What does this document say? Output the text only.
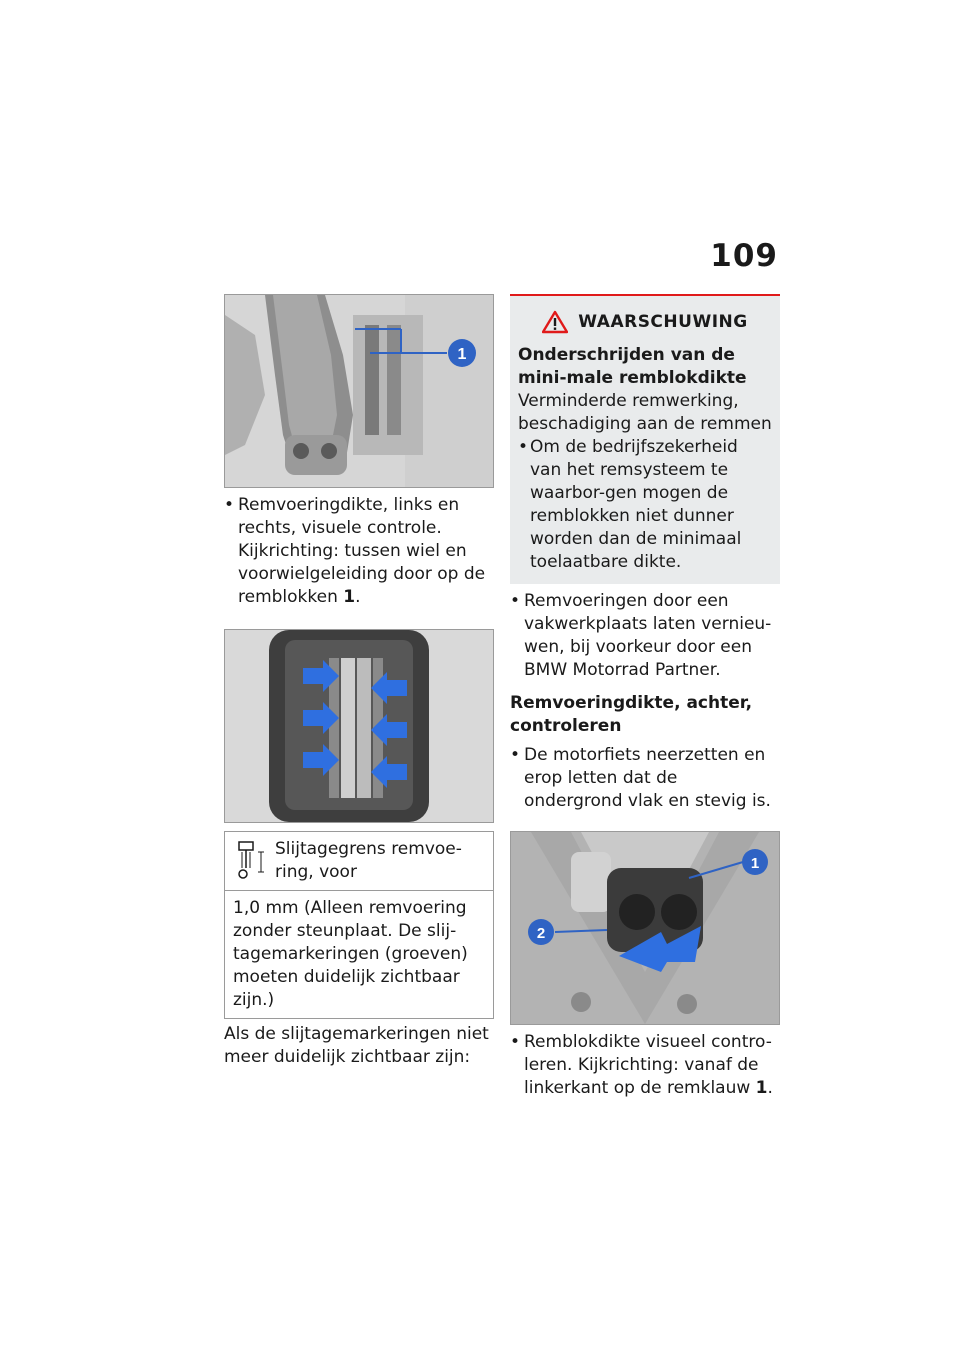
109
1
• Remvoeringdikte, links en rechts, visuele controle. Kijkrichting: tussen wiel en voorwielgeleiding door op de remblokken 1.
Slijtagegrens remvoe-ring, voor
1,0 mm (Alleen remvoering zonder steunplaat. De slij-tagemarkeringen (groeven) moeten duidelijk zichtbaar zijn.)
Als de slijtagemarkeringen niet meer duidelijk zichtbaar zijn:
WAARSCHUWING
Onderschrijden van de mini-male remblokdikte
Verminderde remwerking, beschadiging aan de remmen
• Om de bedrijfszekerheid van het remsysteem te waarbor-gen mogen de remblokken niet dunner worden dan de minimaal toelaatbare dikte.
• Remvoeringen door een vakwerkplaats laten vernieu-wen, bij voorkeur door een BMW Motorrad Partner.
Remvoeringdikte, achter, controleren
• De motorfiets neerzetten en erop letten dat de ondergrond vlak en stevig is.
1
2
• Remblokdikte visueel contro-leren. Kijkrichting: vanaf de linkerkant op de remklauw 1.
